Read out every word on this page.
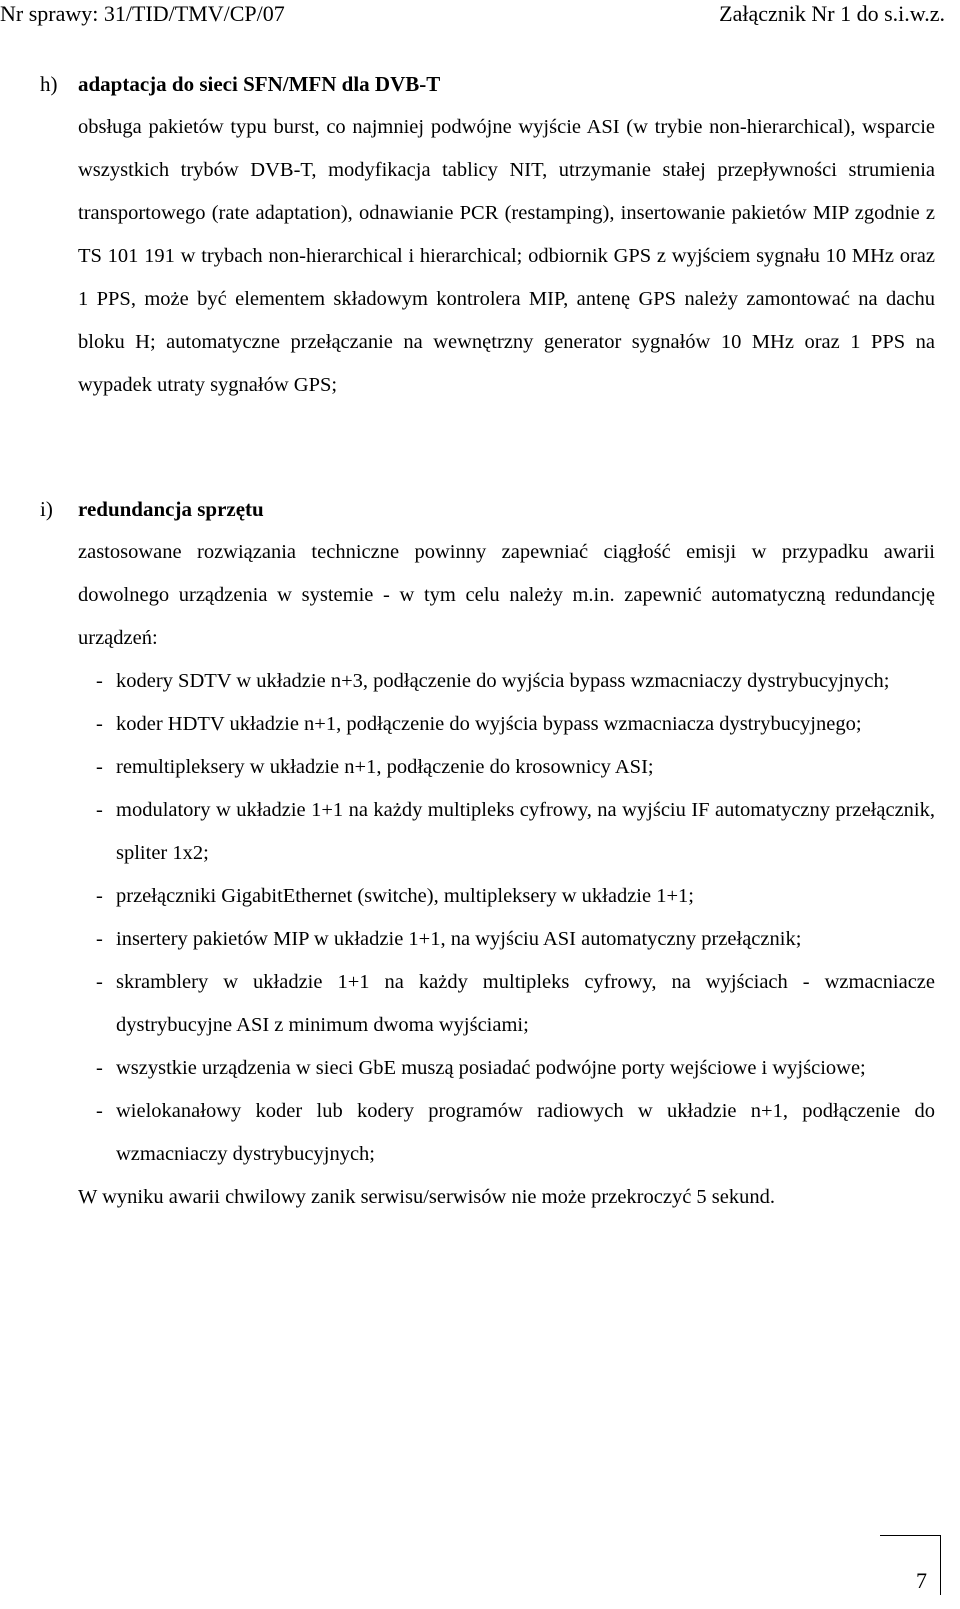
Nr sprawy: 31/TID/TMV/CP/07	Załącznik Nr 1 do s.i.w.z.
h) adaptacja do sieci SFN/MFN dla DVB-T
obsługa pakietów typu burst, co najmniej podwójne wyjście ASI (w trybie non-hierarchical), wsparcie wszystkich trybów DVB-T, modyfikacja tablicy NIT, utrzymanie stałej przepływności strumienia transportowego (rate adaptation), odnawianie PCR (restamping), insertowanie pakietów MIP zgodnie z TS 101 191 w trybach non-hierarchical i hierarchical; odbiornik GPS z wyjściem sygnału 10 MHz oraz 1 PPS, może być elementem składowym kontrolera MIP, antenę GPS należy zamontować na dachu bloku H; automatyczne przełączanie na wewnętrzny generator sygnałów 10 MHz oraz 1 PPS na wypadek utraty sygnałów GPS;
i)	redundancja sprzętu
zastosowane rozwiązania techniczne powinny zapewniać ciągłość emisji w przypadku awarii dowolnego urządzenia w systemie - w tym celu należy m.in. zapewnić automatyczną redundancję urządzeń:
- kodery SDTV w układzie n+3, podłączenie do wyjścia bypass wzmacniaczy dystrybucyjnych;
- koder HDTV układzie n+1, podłączenie do wyjścia bypass wzmacniacza dystrybucyjnego;
- remultipleksery w układzie n+1, podłączenie do krosownicy ASI;
- modulatory w układzie 1+1 na każdy multipleks cyfrowy, na wyjściu IF automatyczny przełącznik, spliter 1x2;
- przełączniki GigabitEthernet (switche), multipleksery w układzie 1+1;
- insertery pakietów MIP w układzie 1+1, na wyjściu ASI automatyczny przełącznik;
- skramblery w układzie 1+1 na każdy multipleks cyfrowy, na wyjściach - wzmacniacze dystrybucyjne ASI z minimum dwoma wyjściami;
- wszystkie urządzenia w sieci GbE muszą posiadać podwójne porty wejściowe i wyjściowe;
- wielokanałowy koder lub kodery programów radiowych w układzie n+1, podłączenie do wzmacniaczy dystrybucyjnych;
W wyniku awarii chwilowy zanik serwisu/serwisów nie może przekroczyć 5 sekund.
7
